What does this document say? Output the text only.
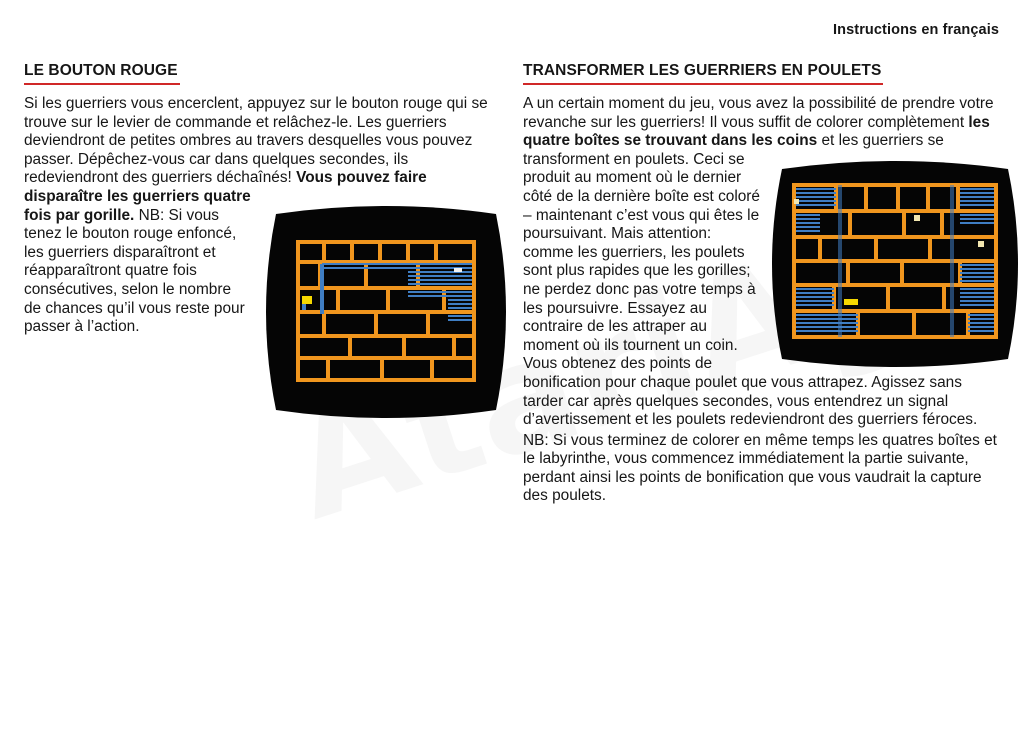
Instructions en français
LE BOUTON ROUGE

Si les guerriers vous encerclent, appuyez sur le bouton rouge qui se trouve sur le levier de commande et relâchez-le. Les guerriers deviendront de petites ombres au travers desquelles vous pouvez passer. Dépêchez-vous car dans quelques secondes, ils redeviendront des guerriers déchaînés!
Vous pouvez faire disparaître les guerriers quatre fois par gorille. NB: Si vous tenez le bouton rouge enfoncé, les guerriers disparaîtront et réapparaîtront quatre fois consécutives, selon le nombre de chances qu’il vous reste pour passer à l’action.

TRANSFORMER LES GUERRIERS EN POULETS

A un certain moment du jeu, vous avez la possibilité de prendre votre revanche sur les guerriers! Il vous suffit de colorer complètement les quatre boîtes se trouvant dans les coins
et les guerriers se transforment en poulets. Ceci se produit au moment où le dernier côté de la dernière boîte est coloré – maintenant c’est vous qui êtes le poursuivant. Mais attention: comme les guerriers, les poulets sont plus rapides que les gorilles; ne perdez donc pas votre temps à les poursuivre. Essayez au contraire de les attraper au moment où ils tournent un coin. Vous obtenez des points de bonification pour chaque poulet que vous attrapez. Agissez sans tarder car après quelques secondes, vous entendrez un signal d’avertissement et les poulets redeviendront des guerriers féroces.

NB: Si vous terminez de colorer en même temps les quatres boîtes et le labyrinthe, vous commencez immédiatement la partie suivante, perdant ainsi les points de bonification que vous vaudrait la capture des poulets.
